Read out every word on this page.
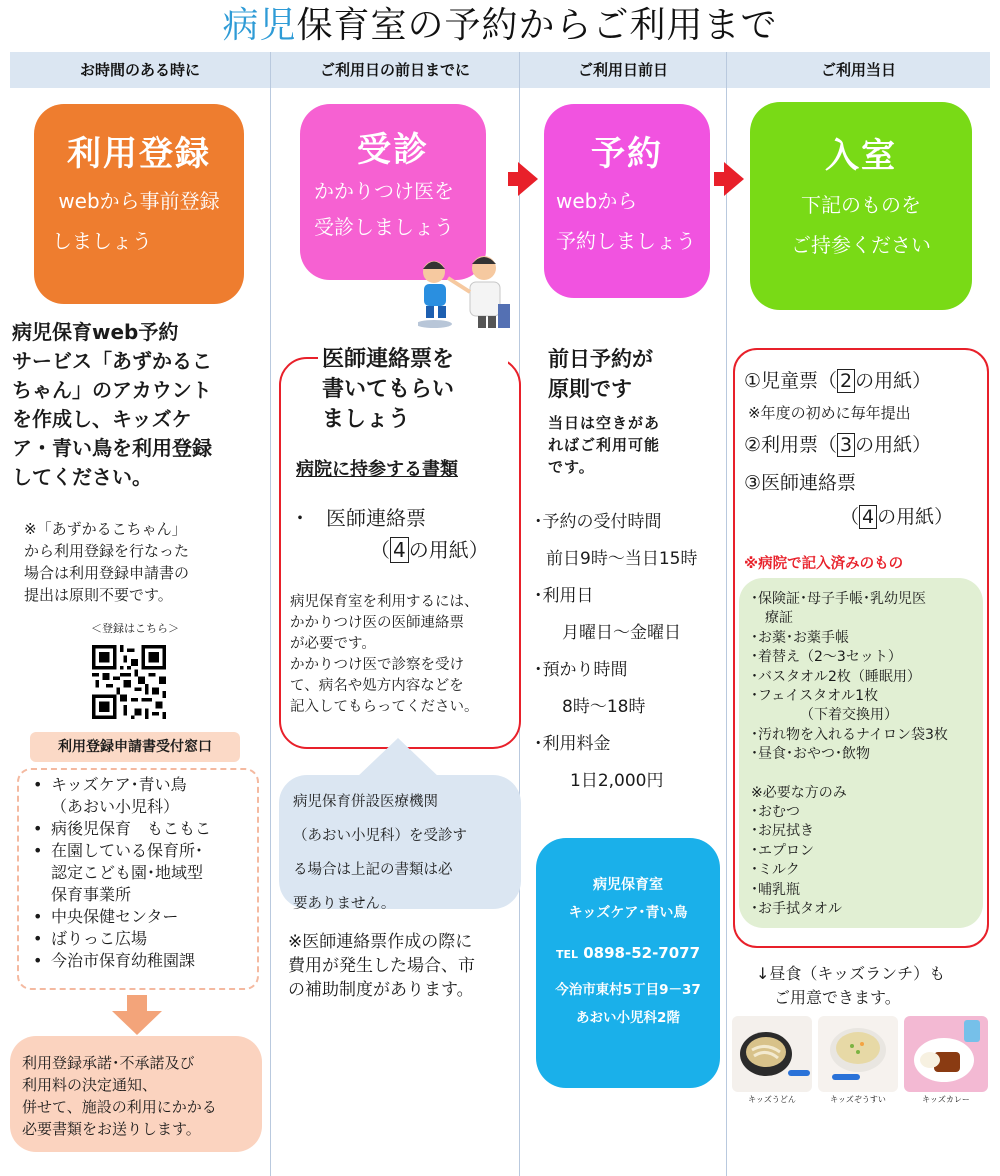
病児保育室の予約からご利用まで
お時間のある時に	ご利用日の前日までに	ご利用日前日	ご利用当日
利用登録
webから事前登録
しましょう
病児保育web予約
サービス「あずかるこ
ちゃん」のアカウント
を作成し、キッズケ
ア・青い鳥を利用登録
してください。
※「あずかるこちゃん」
から利用登録を行なった
場合は利用登録申請書の
提出は原則不要です。
＜登録はこちら＞
利用登録申請書受付窓口
• キッズケア･青い鳥
（あおい小児科）
• 病後児保育　もこもこ
• 在園している保育所･
認定こども園･地域型
保育事業所
• 中央保健センター
• ばりっこ広場
• 今治市保育幼稚園課
利用登録承諾･不承諾及び
利用料の決定通知、
併せて、施設の利用にかかる
必要書類をお送りします。
受診
かかりつけ医を
受診しましょう
医師連絡票を
書いてもらい
ましょう
病院に持参する書類
・ 医師連絡票
（ 4 の用紙）
病児保育室を利用するには、
かかりつけ医の医師連絡票
が必要です。
かかりつけ医で診察を受け
て、病名や処方内容などを
記入してもらってください。
病児保育併設医療機関
（あおい小児科）を受診す
る場合は上記の書類は必
要ありません。
※医師連絡票作成の際に
費用が発生した場合、市
の補助制度があります。
予約
webから
予約しましょう
前日予約が
原則です
当日は空きがあ
ればご利用可能
です。
･予約の受付時間
前日9時～当日15時
･利用日
月曜日～金曜日
･預かり時間
8時～18時
･利用料金
1日2,000円
病児保育室
キッズケア･青い鳥
TEL 0898-52-7077
今治市東村5丁目9－37
あおい小児科2階
入室
下記のものを
ご持参ください
①児童票（ 2 の用紙）
※年度の初めに毎年提出
②利用票（ 3 の用紙）
③医師連絡票
（ 4 の用紙）
※病院で記入済みのもの
･保険証･母子手帳･乳幼児医
　療証
･お薬･お薬手帳
･着替え（2～3セット）
･バスタオル2枚（睡眠用）
･フェイスタオル1枚
　　　　（下着交換用）
･汚れ物を入れるナイロン袋3枚
･昼食･おやつ･飲物
※必要な方のみ
･おむつ
･お尻拭き
･エプロン
･ミルク
･哺乳瓶
･お手拭タオル
↓昼食（キッズランチ）も
ご用意できます。
キッズうどん	キッズぞうすい	キッズカレー
